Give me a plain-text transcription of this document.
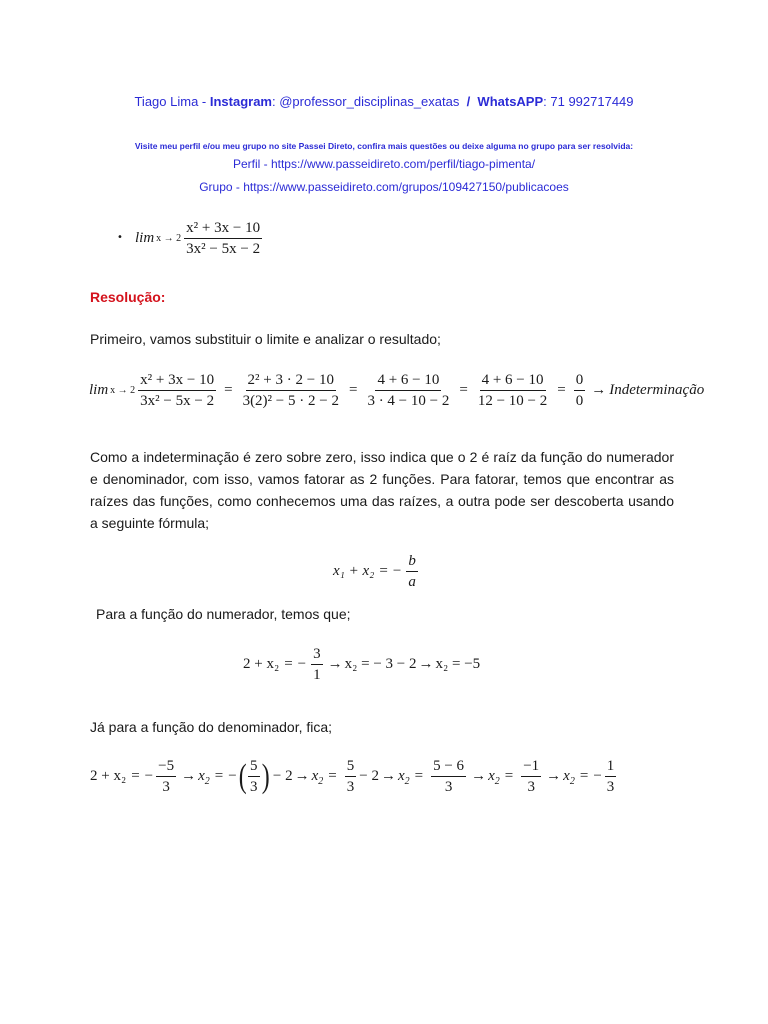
Tiago Lima - Instagram: @professor_disciplinas_exatas  /  WhatsAPP: 71 992717449
Visite meu perfil e/ou meu grupo no site Passei Direto, confira mais questões ou deixe alguma no grupo para ser resolvida:
Perfil - https://www.passeidireto.com/perfil/tiago-pimenta/
Grupo - https://www.passeidireto.com/grupos/109427150/publicacoes
• $\lim x \to 2 \frac{\text{x² + 3x − 10}}{\text{3x² − 5x − 2}}$
Resolução:
Primeiro, vamos substituir o limite e analizar o resultado;
$\lim x \to 2 \frac{\text{x² + 3x − 10}}{\text{3x² − 5x − 2}} = \frac{\text{2² + 3 · 2 − 10}}{\text{3(2)² − 5 · 2 − 2}} = \frac{4 + 6 - 10}{3 \cdot 4 - 10 - 2} = \frac{4 + 6 - 10}{12 - 10 - 2} = \frac{0}{0}$ → Indeterminação
Como a indeterminação é zero sobre zero, isso indica que o 2 é raíz da função do numerador e denominador, com isso, vamos fatorar as 2 funções. Para fatorar, temos que encontrar as raízes das funções, como conhecemos uma das raízes, a outra pode ser descoberta usando a seguinte fórmula;
x₁ + x₂ = − $\frac{b}{a}$
Para a função do numerador, temos que;
2 + x₂ = − $\frac{3}{1} \to x_2$ = − 3 − 2 → x₂ = −5
Já para a função do denominador, fica;
2 + x₂ = − $\frac{-5}{3} \to x_2$ = − ( $\frac{5}{3}$ ) − $2 \to x_2 = \frac{5}{3} - 2 \to x_2 = \frac{5 - 6}{3} \to x_2 = \frac{-1}{3} \to x_2$ = − $\frac{1}{3}$
